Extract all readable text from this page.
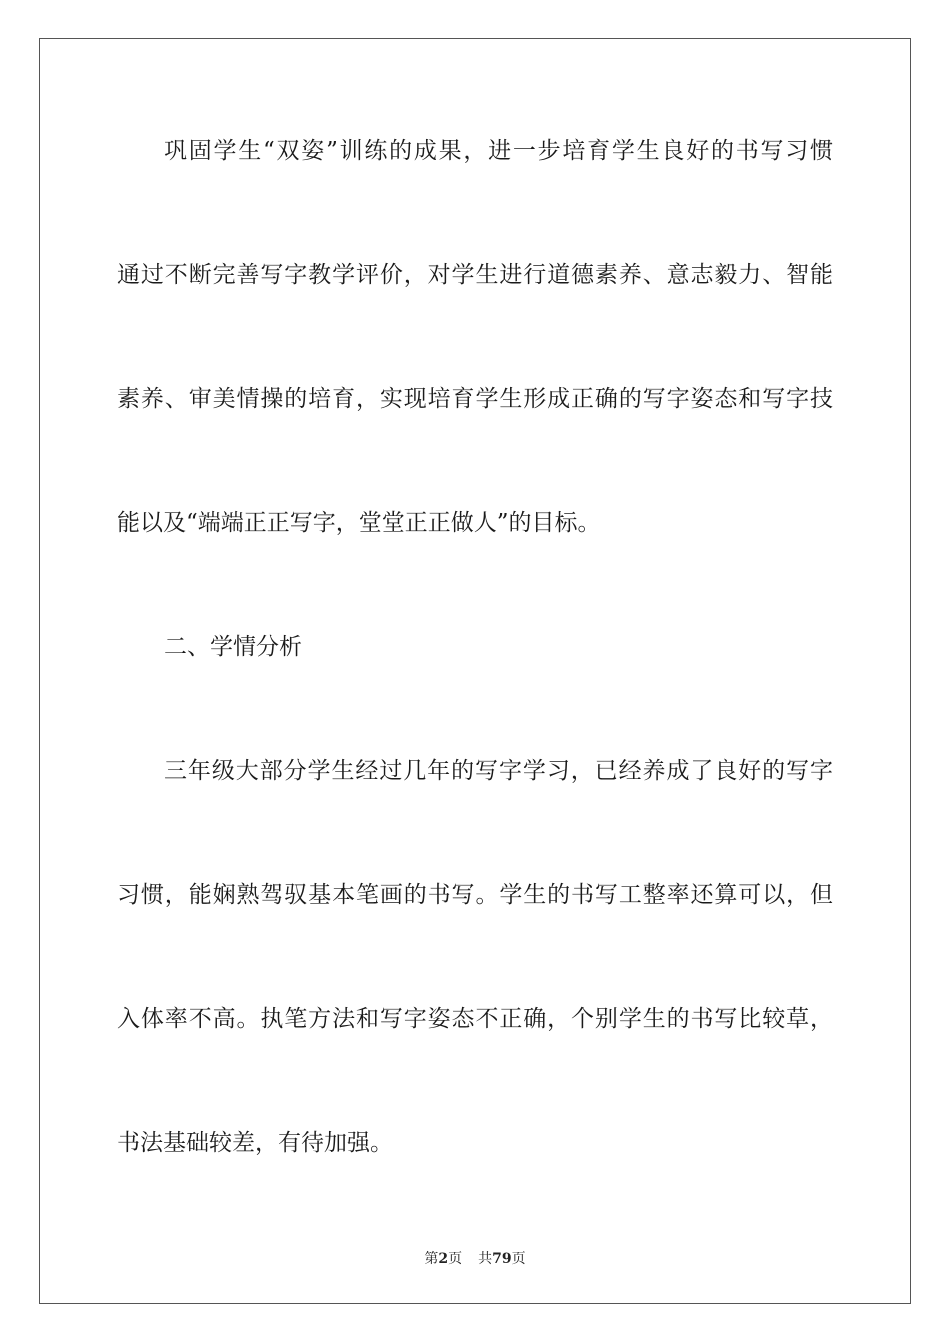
巩固学生“双姿”训练的成果，进一步培育学生良好的书写习惯
通过不断完善写字教学评价，对学生进行道德素养、意志毅力、智能
素养、审美情操的培育，实现培育学生形成正确的写字姿态和写字技
能以及“端端正正写字，堂堂正正做人”的目标。
二、学情分析
三年级大部分学生经过几年的写字学习，已经养成了良好的写字
习惯，能娴熟驾驭基本笔画的书写。学生的书写工整率还算可以，但
入体率不高。执笔方法和写字姿态不正确，个别学生的书写比较草，
书法基础较差，有待加强。
第2页 共79页
